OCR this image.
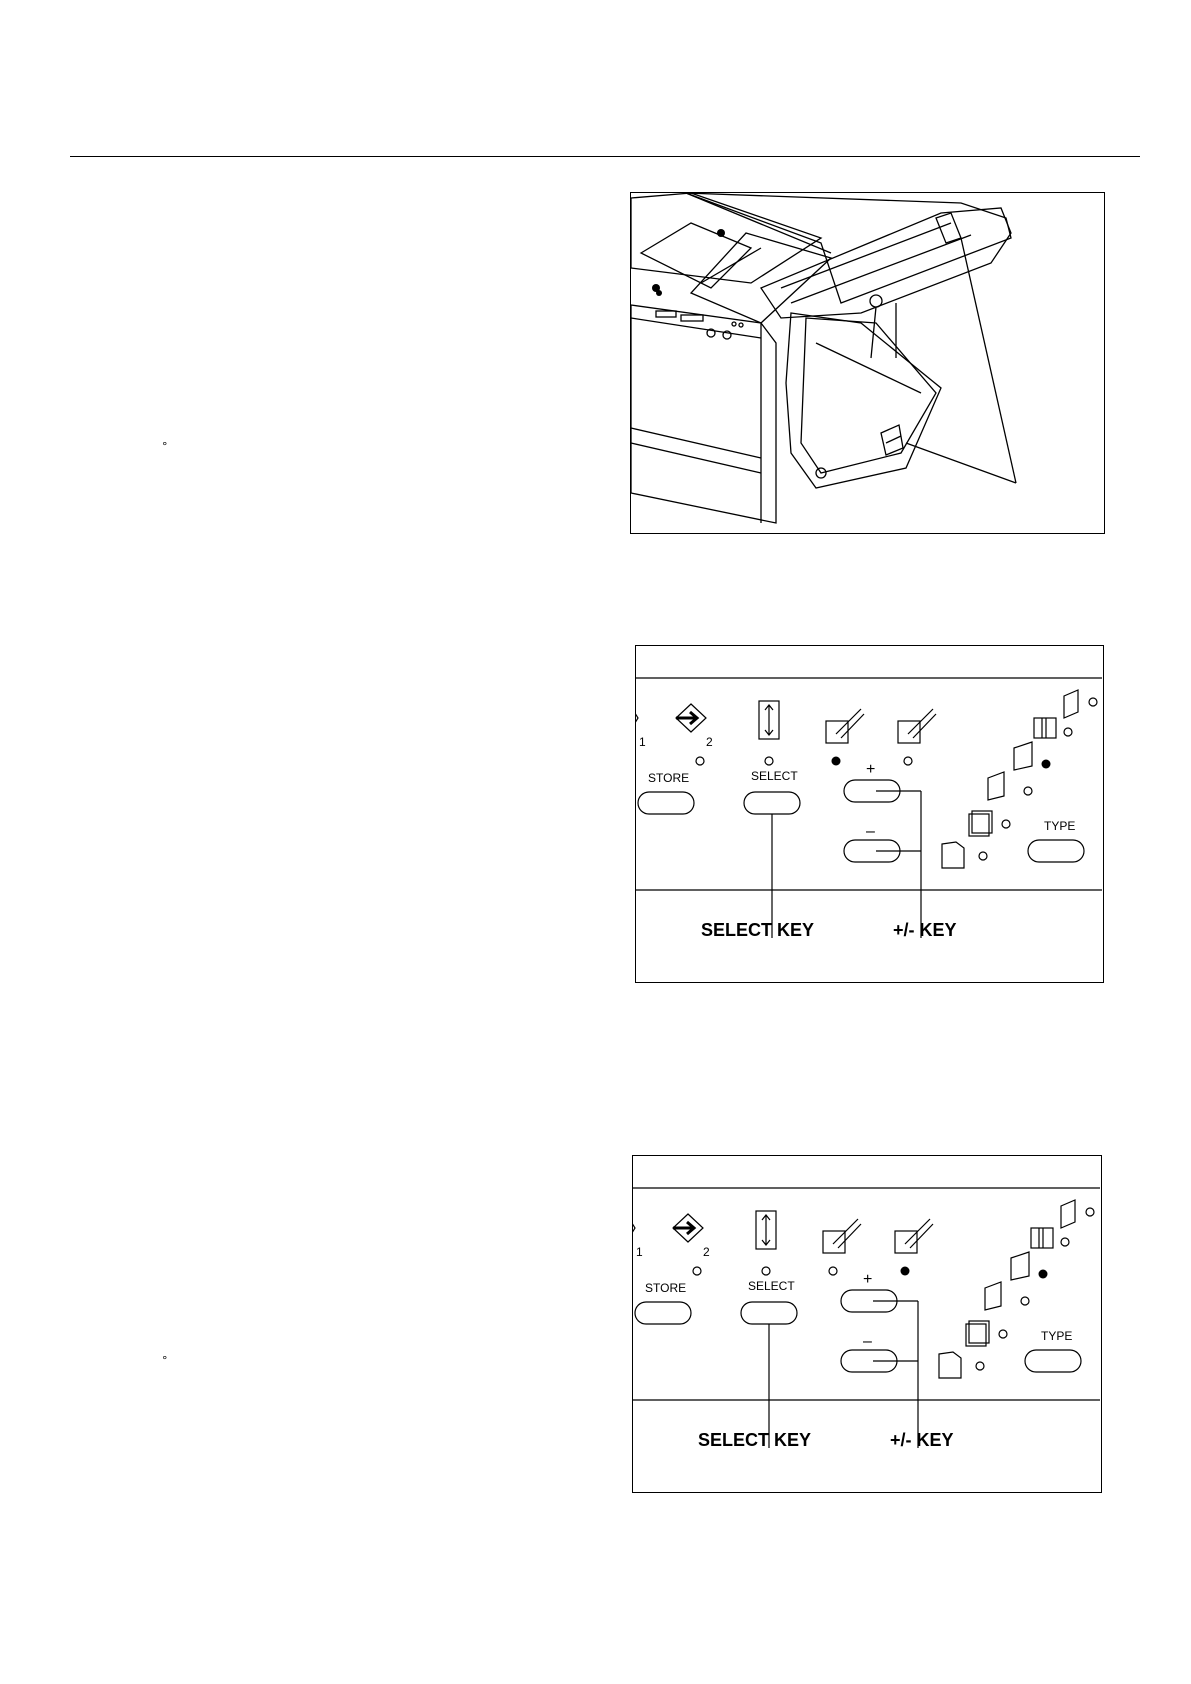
°
°
1	2
STORE	SELECT	+
–	TYPE
SELECT KEY	+/- KEY
1	2
STORE	SELECT	+
–	TYPE
SELECT KEY	+/- KEY
